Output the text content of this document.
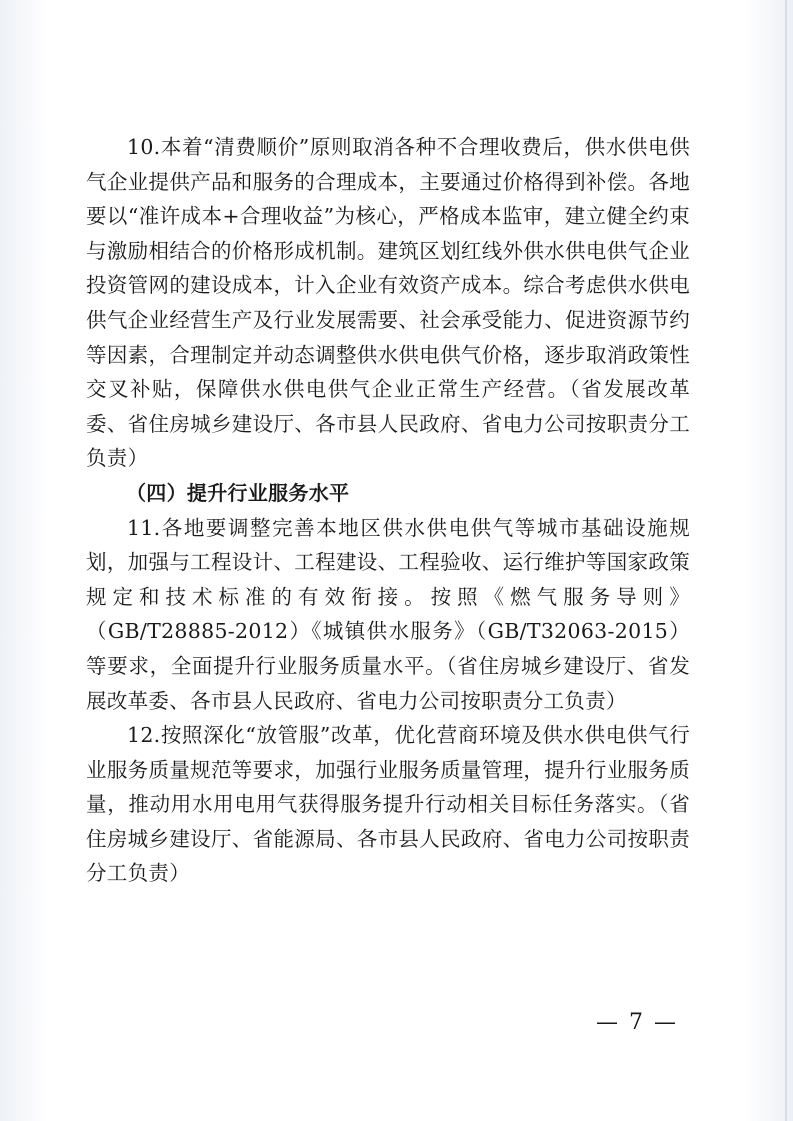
10.本着“清费顺价”原则取消各种不合理收费后，供水供电供气企业提供产品和服务的合理成本，主要通过价格得到补偿。各地要以“准许成本+合理收益”为核心，严格成本监审，建立健全约束与激励相结合的价格形成机制。建筑区划红线外供水供电供气企业投资管网的建设成本，计入企业有效资产成本。综合考虑供水供电供气企业经营生产及行业发展需要、社会承受能力、促进资源节约等因素，合理制定并动态调整供水供电供气价格，逐步取消政策性交叉补贴，保障供水供电供气企业正常生产经营。（省发展改革委、省住房城乡建设厅、各市县人民政府、省电力公司按职责分工负责）

（四）提升行业服务水平

11.各地要调整完善本地区供水供电供气等城市基础设施规划，加强与工程设计、工程建设、工程验收、运行维护等国家政策规定和技术标准的有效衔接。按照《燃气服务导则》（GB/T28885-2012）《城镇供水服务》（GB/T32063-2015）等要求，全面提升行业服务质量水平。（省住房城乡建设厅、省发展改革委、各市县人民政府、省电力公司按职责分工负责）

12.按照深化“放管服”改革，优化营商环境及供水供电供气行业服务质量规范等要求，加强行业服务质量管理，提升行业服务质量，推动用水用电用气获得服务提升行动相关目标任务落实。（省住房城乡建设厅、省能源局、各市县人民政府、省电力公司按职责分工负责）

— 7 —
